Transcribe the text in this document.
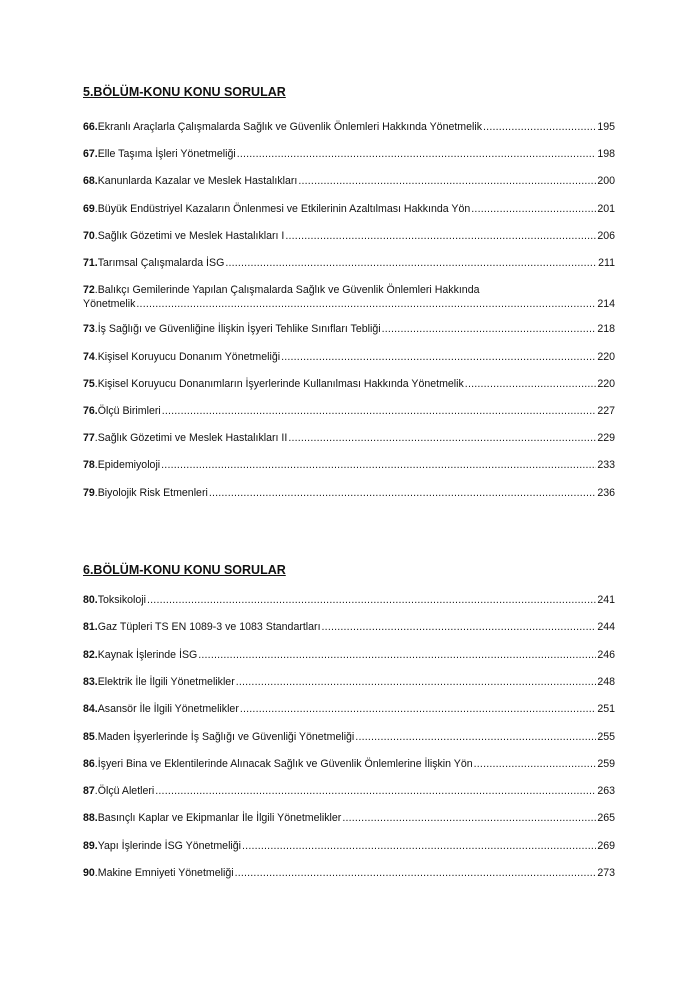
5.BÖLÜM-KONU KONU SORULAR
66. Ekranlı Araçlarla Çalışmalarda Sağlık ve Güvenlik Önlemleri Hakkında Yönetmelik .....	195
67. Elle Taşıma İşleri Yönetmeliği .....	198
68. Kanunlarda Kazalar ve Meslek Hastalıkları .....	200
69 .Büyük Endüstriyel Kazaların Önlenmesi ve Etkilerinin Azaltılması Hakkında Yön .....	201
70 .Sağlık Gözetimi ve Meslek Hastalıkları I .....	206
71. Tarımsal Çalışmalarda İSG .....	211
72 .Balıkçı Gemilerinde Yapılan Çalışmalarda Sağlık ve Güvenlik Önlemleri Hakkında
Yönetmelik .....	214
73 .İş Sağlığı ve Güvenliğine İlişkin İşyeri Tehlike Sınıfları Tebliği .....	218
74 .Kişisel Koruyucu Donanım Yönetmeliği .....	220
75 .Kişisel Koruyucu Donanımların İşyerlerinde Kullanılması Hakkında Yönetmelik .....	220
76. Ölçü Birimleri .....	227
77 .Sağlık Gözetimi ve Meslek Hastalıkları II .....	229
78 .Epidemiyoloji .....	233
79 .Biyolojik Risk Etmenleri .....	236
6.BÖLÜM-KONU KONU SORULAR
80. Toksikoloji .....	241
81. Gaz Tüpleri TS EN 1089-3 ve 1083 Standartları .....	244
82. Kaynak İşlerinde İSG .....	246
83. Elektrik İle İlgili Yönetmelikler .....	248
84. Asansör İle İlgili Yönetmelikler .....	251
85 .Maden İşyerlerinde İş Sağlığı ve Güvenliği Yönetmeliği .....	255
86 .İşyeri Bina ve Eklentilerinde Alınacak Sağlık ve Güvenlik Önlemlerine İlişkin Yön .....	259
87 .Ölçü Aletleri .....	263
88. Basınçlı Kaplar ve Ekipmanlar İle İlgili Yönetmelikler .....	265
89. Yapı İşlerinde İSG Yönetmeliği .....	269
90 .Makine Emniyeti Yönetmeliği .....	273
